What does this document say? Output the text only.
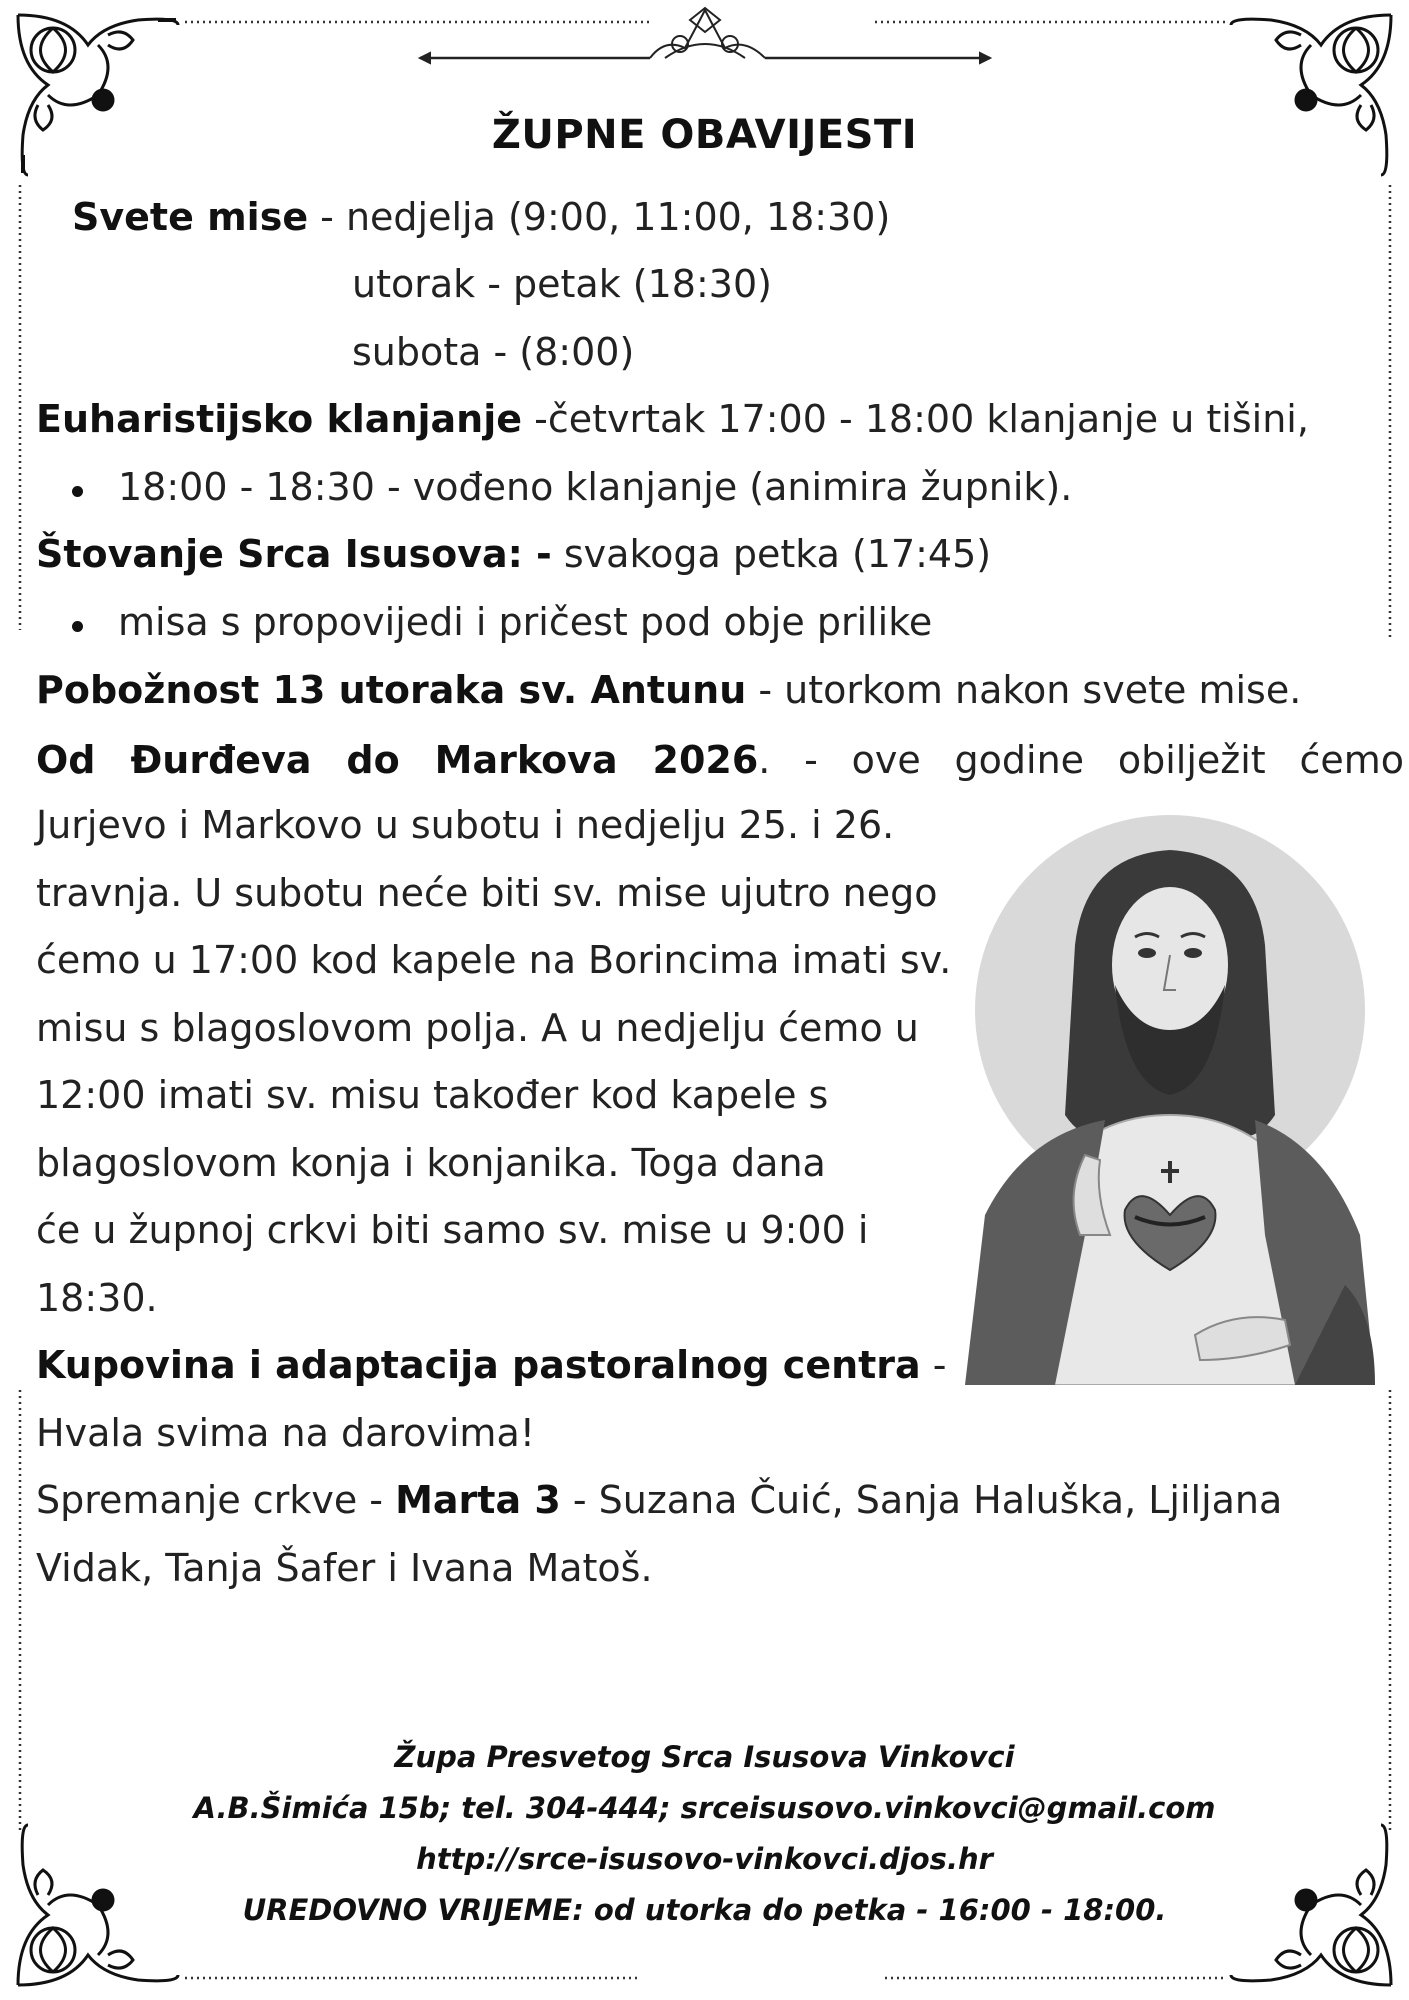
ŽUPNE OBAVIJESTI
Svete mise - nedjelja (9:00, 11:00, 18:30)
utorak - petak (18:30)
subota - (8:00)
Euharistijsko klanjanje -četvrtak 17:00 - 18:00 klanjanje u tišini,
18:00 - 18:30 - vođeno klanjanje (animira župnik).
Štovanje Srca Isusova: - svakoga petka (17:45)
misa s propovijedi i pričest pod obje prilike
Pobožnost 13 utoraka sv. Antunu - utorkom nakon svete mise.
Od Đurđeva do Markova 2026. - ove godine obilježit ćemo
Jurjevo i Markovo u subotu i nedjelju 25. i 26.
travnja. U subotu neće biti sv. mise ujutro nego
ćemo u 17:00 kod kapele na Borincima imati sv.
misu s blagoslovom polja. A u nedjelju ćemo u
12:00 imati sv. misu također kod kapele s
blagoslovom konja i konjanika. Toga dana
će u župnoj crkvi biti samo sv. mise u 9:00 i
18:30.
Kupovina i adaptacija pastoralnog centra -
Hvala svima na darovima!
Spremanje crkve - Marta 3 - Suzana Čuić, Sanja Haluška, Ljiljana
Vidak, Tanja Šafer i Ivana Matoš.
Župa Presvetog Srca Isusova Vinkovci
A.B.Šimića 15b; tel. 304-444; srceisusovo.vinkovci@gmail.com
http://srce-isusovo-vinkovci.djos.hr
UREDOVNO VRIJEME: od utorka do petka - 16:00 - 18:00.
